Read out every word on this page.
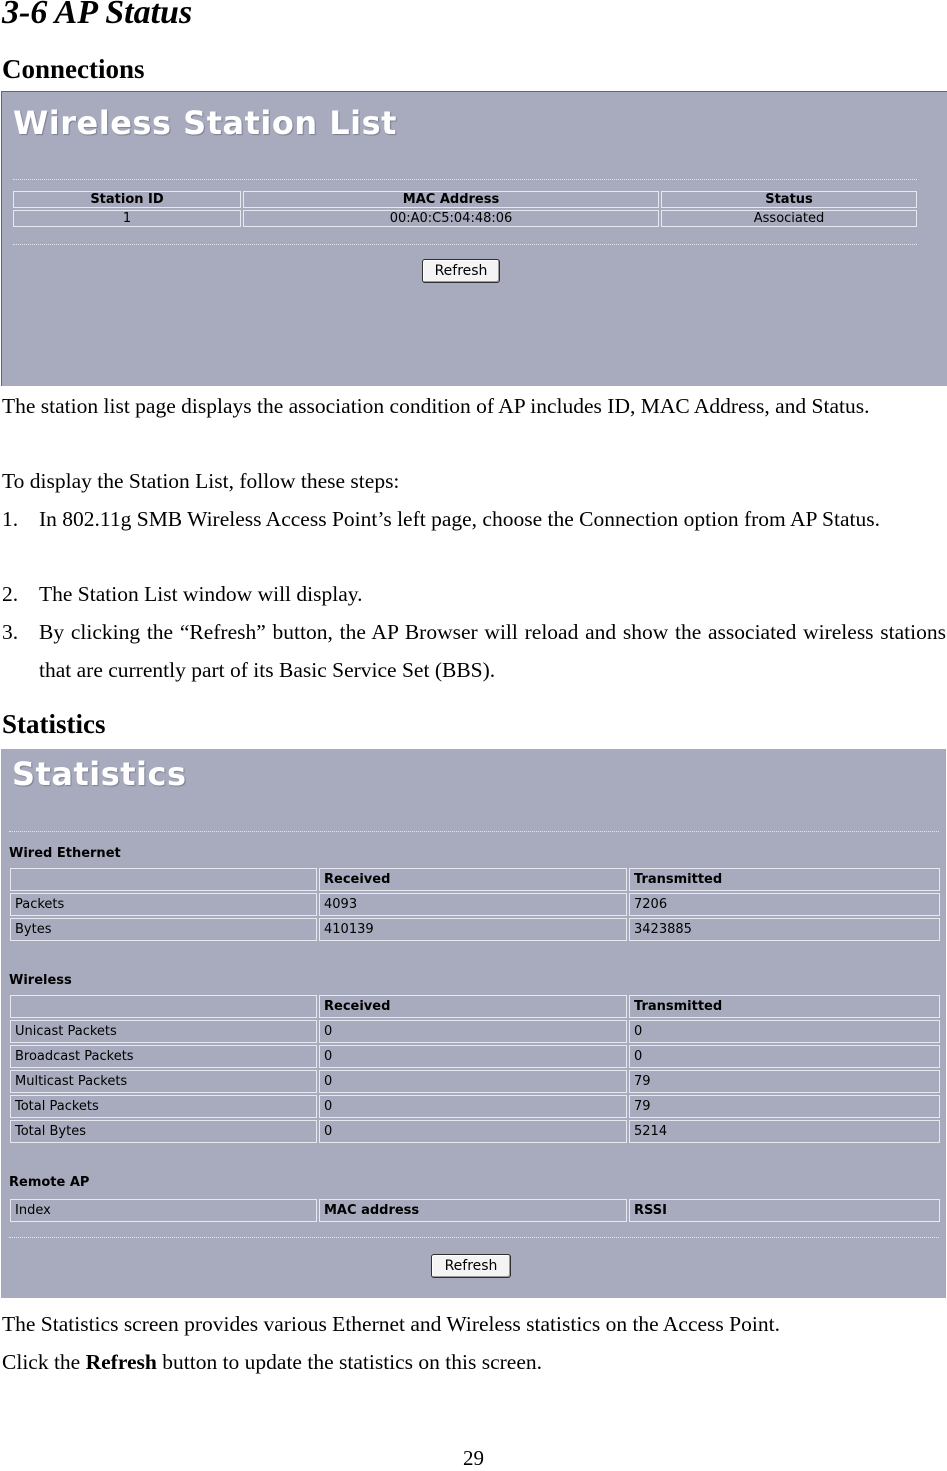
3-6 AP Status
Connections
Wireless Station List
Station ID	MAC Address	Status
1	00:A0:C5:04:48:06	Associated
Refresh
The station list page displays the association condition of AP includes ID, MAC Address, and Status.
To display the Station List, follow these steps:
1. In 802.11g SMB Wireless Access Point’s left page, choose the Connection option from AP Status.
2. The Station List window will display.
3. By clicking the “Refresh” button, the AP Browser will reload and show the associated wireless stations that are currently part of its Basic Service Set (BBS).
Statistics
Statistics
Wired Ethernet
	Received	Transmitted
Packets	4093	7206
Bytes	410139	3423885
Wireless
	Received	Transmitted
Unicast Packets	0	0
Broadcast Packets	0	0
Multicast Packets	0	79
Total Packets	0	79
Total Bytes	0	5214
Remote AP
Index	MAC address	RSSI
Refresh
The Statistics screen provides various Ethernet and Wireless statistics on the Access Point.
Click the Refresh button to update the statistics on this screen.
29
